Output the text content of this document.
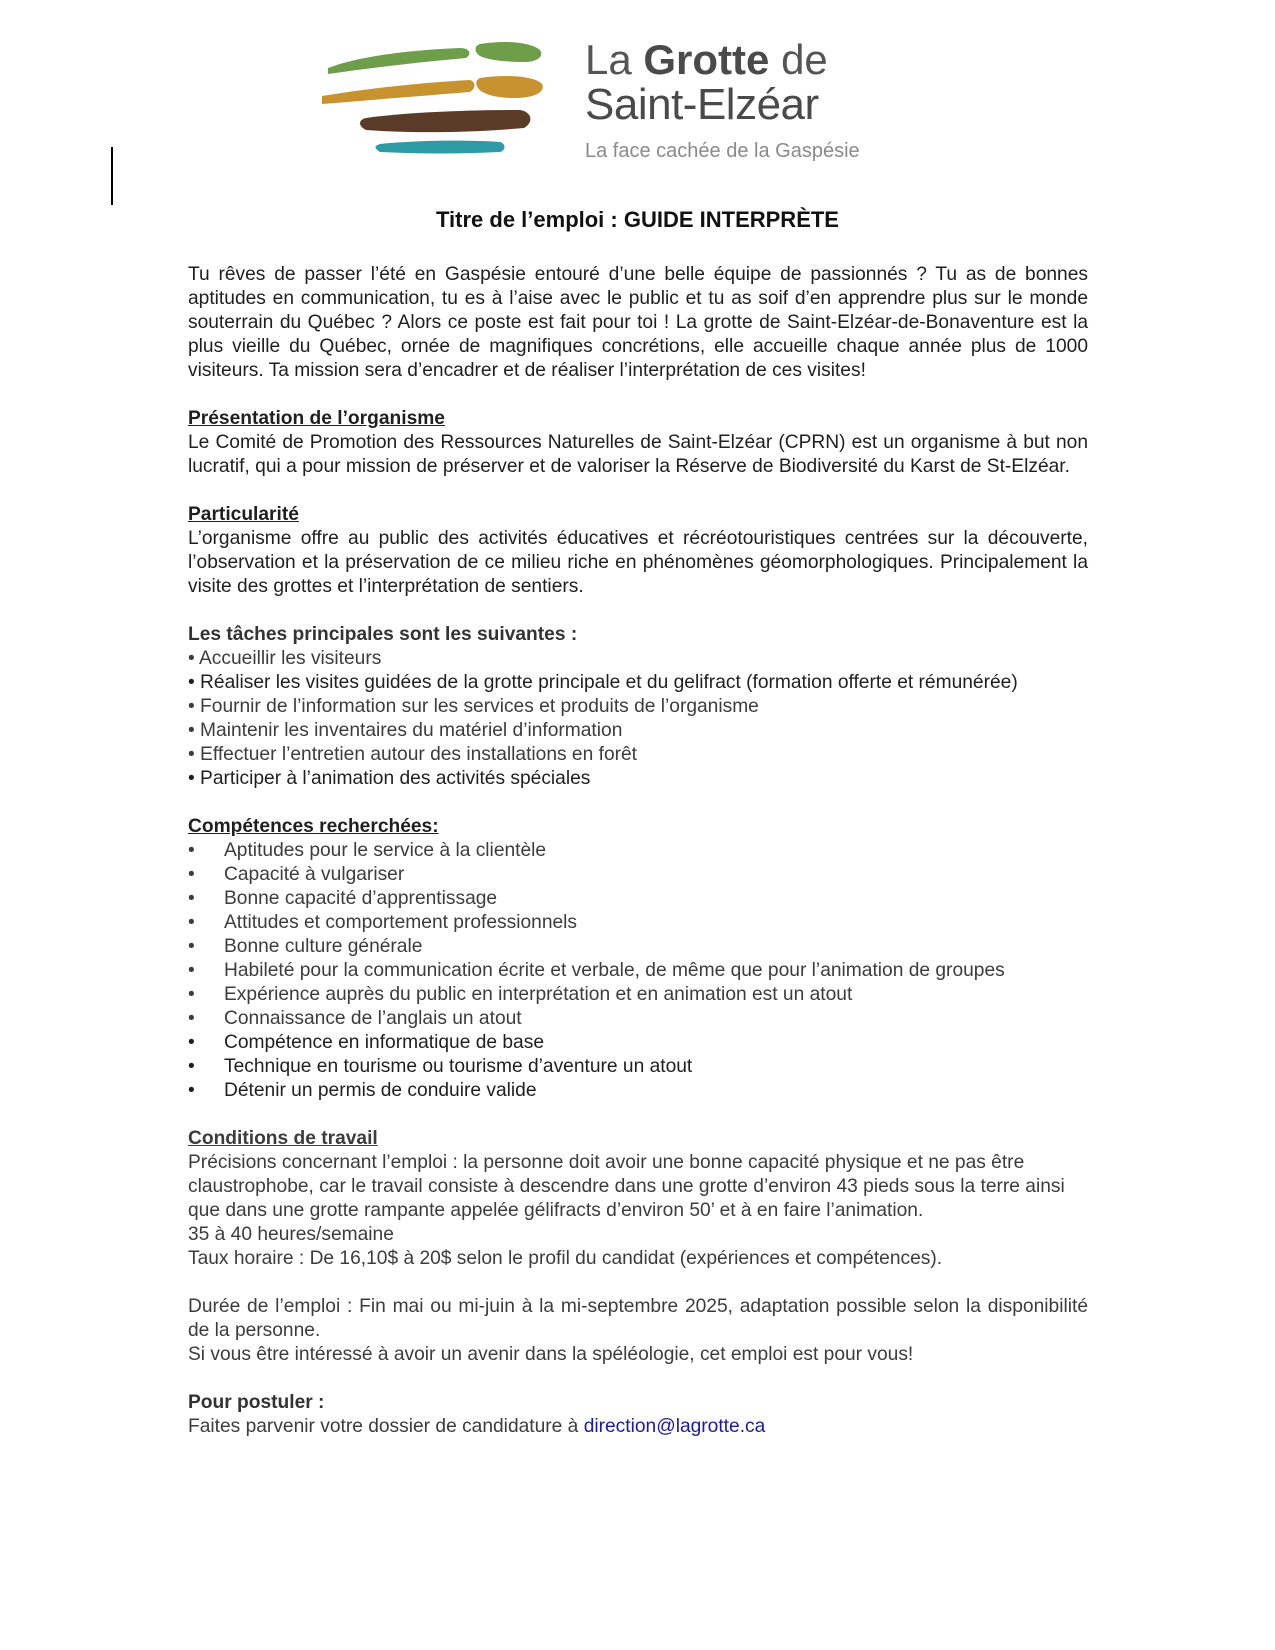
La Grotte de
Saint-Elzéar
La face cachée de la Gaspésie
Titre de l’emploi : GUIDE INTERPRÈTE

Tu rêves de passer l’été en Gaspésie entouré d’une belle équipe de passionnés ? Tu as de bonnes aptitudes en communication, tu es à l’aise avec le public et tu as soif d’en apprendre plus sur le monde souterrain du Québec ? Alors ce poste est fait pour toi ! La grotte de Saint-Elzéar-de-Bonaventure est la plus vieille du Québec, ornée de magnifiques concrétions, elle accueille chaque année plus de 1000 visiteurs. Ta mission sera d’encadrer et de réaliser l’interprétation de ces visites!

Présentation de l’organisme

Le Comité de Promotion des Ressources Naturelles de Saint-Elzéar (CPRN) est un organisme à but non lucratif, qui a pour mission de préserver et de valoriser la Réserve de Biodiversité du Karst de St-Elzéar.

Particularité

L’organisme offre au public des activités éducatives et récréotouristiques centrées sur la découverte, l’observation et la préservation de ce milieu riche en phénomènes géomorphologiques. Principalement la visite des grottes et l’interprétation de sentiers.

Les tâches principales sont les suivantes :

• Accueillir les visiteurs
• Réaliser les visites guidées de la grotte principale et du gelifract (formation offerte et rémunérée)
• Fournir de l’information sur les services et produits de l’organisme
• Maintenir les inventaires du matériel d’information
• Effectuer l’entretien autour des installations en forêt
• Participer à l’animation des activités spéciales

Compétences recherchées:

•	Aptitudes pour le service à la clientèle
•	Capacité à vulgariser
•	Bonne capacité d’apprentissage
•	Attitudes et comportement professionnels
•	Bonne culture générale
•	Habileté pour la communication écrite et verbale, de même que pour l’animation de groupes
•	Expérience auprès du public en interprétation et en animation est un atout
•	Connaissance de l’anglais un atout
•	Compétence en informatique de base
•	Technique en tourisme ou tourisme d’aventure un atout
•	Détenir un permis de conduire valide

Conditions de travail

Précisions concernant l’emploi : la personne doit avoir une bonne capacité physique et ne pas être claustrophobe, car le travail consiste à descendre dans une grotte d’environ 43 pieds sous la terre ainsi que dans une grotte rampante appelée gélifracts d’environ 50’ et à en faire l’animation.

35 à 40 heures/semaine

Taux horaire : De 16,10$ à 20$ selon le profil du candidat (expériences et compétences).

Durée de l’emploi : Fin mai ou mi-juin à la mi-septembre 2025, adaptation possible selon la disponibilité de la personne.

Si vous être intéressé à avoir un avenir dans la spéléologie, cet emploi est pour vous!

Pour postuler :

Faites parvenir votre dossier de candidature à direction@lagrotte.ca
